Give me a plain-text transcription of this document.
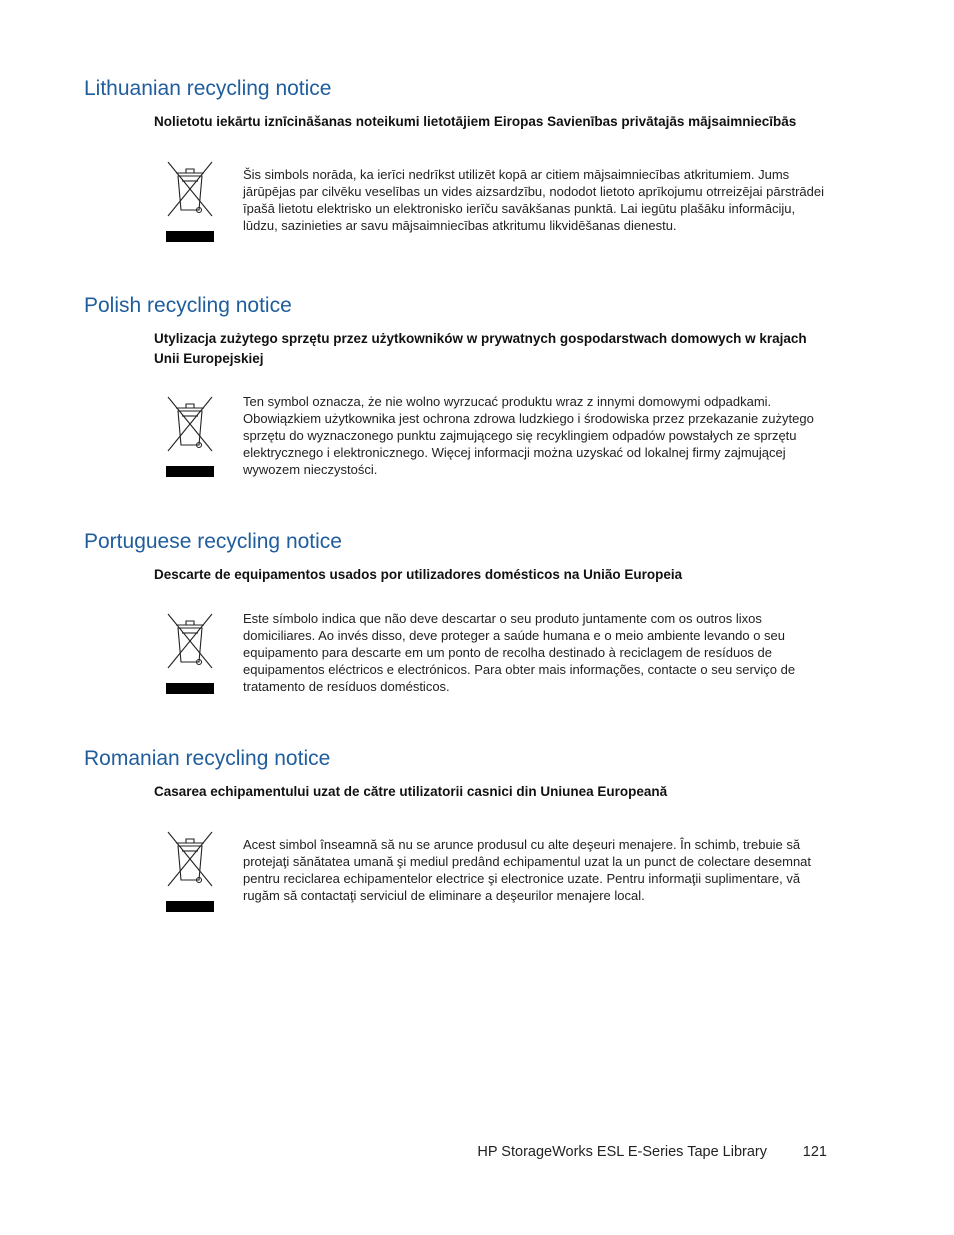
Lithuanian recycling notice

Nolietotu iekārtu iznīcināšanas noteikumi lietotājiem Eiropas Savienības privātajās mājsaimniecībās

Šis simbols norāda, ka ierīci nedrīkst utilizēt kopā ar citiem mājsaimniecības atkritumiem. Jums jārūpējas par cilvēku veselības un vides aizsardzību, nododot lietoto aprīkojumu otrreizējai pārstrādei īpašā lietotu elektrisko un elektronisko ierīču savākšanas punktā. Lai iegūtu plašāku informāciju, lūdzu, sazinieties ar savu mājsaimniecības atkritumu likvidēšanas dienestu.

Polish recycling notice

Utylizacja zużytego sprzętu przez użytkowników w prywatnych gospodarstwach domowych w krajach Unii Europejskiej

Ten symbol oznacza, że nie wolno wyrzucać produktu wraz z innymi domowymi odpadkami. Obowiązkiem użytkownika jest ochrona zdrowa ludzkiego i środowiska przez przekazanie zużytego sprzętu do wyznaczonego punktu zajmującego się recyklingiem odpadów powstałych ze sprzętu elektrycznego i elektronicznego. Więcej informacji można uzyskać od lokalnej firmy zajmującej wywozem nieczystości.

Portuguese recycling notice

Descarte de equipamentos usados por utilizadores domésticos na União Europeia

Este símbolo indica que não deve descartar o seu produto juntamente com os outros lixos domiciliares. Ao invés disso, deve proteger a saúde humana e o meio ambiente levando o seu equipamento para descarte em um ponto de recolha destinado à reciclagem de resíduos de equipamentos eléctricos e electrónicos. Para obter mais informações, contacte o seu serviço de tratamento de resíduos domésticos.

Romanian recycling notice

Casarea echipamentului uzat de către utilizatorii casnici din Uniunea Europeană

Acest simbol înseamnă să nu se arunce produsul cu alte deşeuri menajere. În schimb, trebuie să protejaţi sănătatea umană şi mediul predând echipamentul uzat la un punct de colectare desemnat pentru reciclarea echipamentelor electrice şi electronice uzate. Pentru informaţii suplimentare, vă rugăm să contactaţi serviciul de eliminare a deşeurilor menajere local.

HP StorageWorks ESL E-Series Tape Library 121
